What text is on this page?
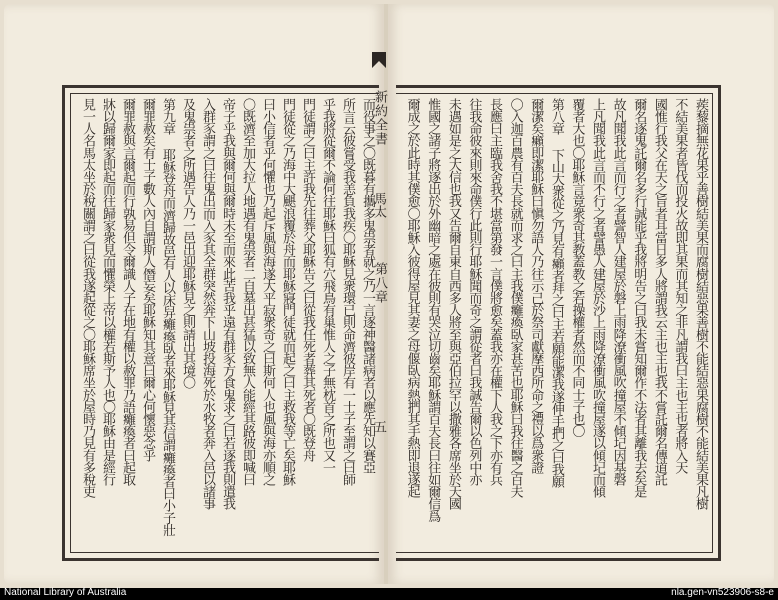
而役事之〇既暮有攜多鬼祟者就之乃一言逐神醫諸病者以應先知以賽亞
所言云彼嘗受我恙負我疾〇耶穌見衆環已則命濟彼岸有一士子至謂之曰師
乎我將從爾不論何往耶穌曰狐有穴飛鳥有巢惟人之子無枕首之所也又一
門徒謂之曰主許我先往葬父耶穌告之曰從我任死者葬其死者〇既登舟
門徒從之乃海中大颶浪覆於舟而耶穌寢門徒就而起之曰主救我等亡矣耶穌
曰小信者乎何懼也乃起斥風與海遂大平寂衆奇之曰斯何人也風與海亦順之
〇既濟至加大拉人地遇有鬼祟者二自墓出甚猛以致無人能經其路彼即喊曰
帝子乎我與爾何與爾時未至而來此苦我乎遠有群豕方食鬼求之曰若逐我則遣我
入群豕謂之曰往鬼出而入豕其全群突然奔下山坡投海死於水牧者奔入邑以諸事
及鬼祟者之所遇告人乃一邑出迎耶穌見之則請出其境〇
第九章 耶穌登舟而濟歸故邑有人以床舁癱瘓臥者來耶穌見其信謂癱瘓者曰小子壯
爾罪赦矣有士子數人內自謂斯人僭妄矣耶穌知其意曰爾心何懷惡念乎
爾罪赦與言爾起而行孰易但令爾識人子在地有權以赦罪乃語癱瘓者曰起取
牀以歸爾家即起而往歸家衆見而懼榮上帝以權若斯予人也〇耶穌由是經行
見一人名馬太坐於稅關謂之曰從我遂起從之〇耶穌席坐於屋時乃見有多稅吏	蒺藜摘無花果乎善樹結美果而腐樹結惡果善樹不能結惡果腐樹不能結美果凡樹
不結美果者皆伐而投火故即其果而其知之非凡謂我曰主也主也者將入天
國惟行我父在天之旨者耳當日多人將謂我云主也主也我不嘗託爾名傳道託
爾名逐鬼託爾名多行誠能乎我將明告之曰我未嘗知爾作不法者其離我去矣是
故凡聞我此言而行之者譬智人建屋於磐上雨降潦衝風吹撞屋不傾圮因基磐
上凡聞我此言而不行之者譬愚人建屋於沙上雨降潦衝風吹撞屋遂以傾圮而傾
覆者大也〇耶穌言竟衆奇其教蓋教之若操權者然而不同士子也〇
第八章 下山大衆從之乃見有癩者拜之曰主若願能潔我遂伸手捫之曰我願
爾潔矣癩即潔耶穌曰愼勿語人乃往示己於祭司獻摩西所命之禮以爲衆證
〇入迦百農有百夫長就而求之曰主我僕癱瘓臥家甚苦也耶穌曰我往醫之百夫
長應曰主臨我舍我不堪當第發一言僕將愈矣蓋我亦在權下人我之下亦有兵
往我命彼來則來命僕行此則行耶穌聞而奇之謂從者曰我誠告爾以色列中亦
未遇如是之大信也我又告爾自東自西多人將至與亞伯拉罕以撒雅各席坐於天國
惟國之諸子將逐出於外幽暗之處在彼則有哭泣切齒矣耶穌謂百夫長曰往如爾信爲
爾成之於此時其僕愈〇耶穌入彼得屋見其妻之母偃臥病熱捫其手熱即退遂起
新約全書
馬太
第八章
五
National Library of Australia	nla.gen-vn523906-s8-e
